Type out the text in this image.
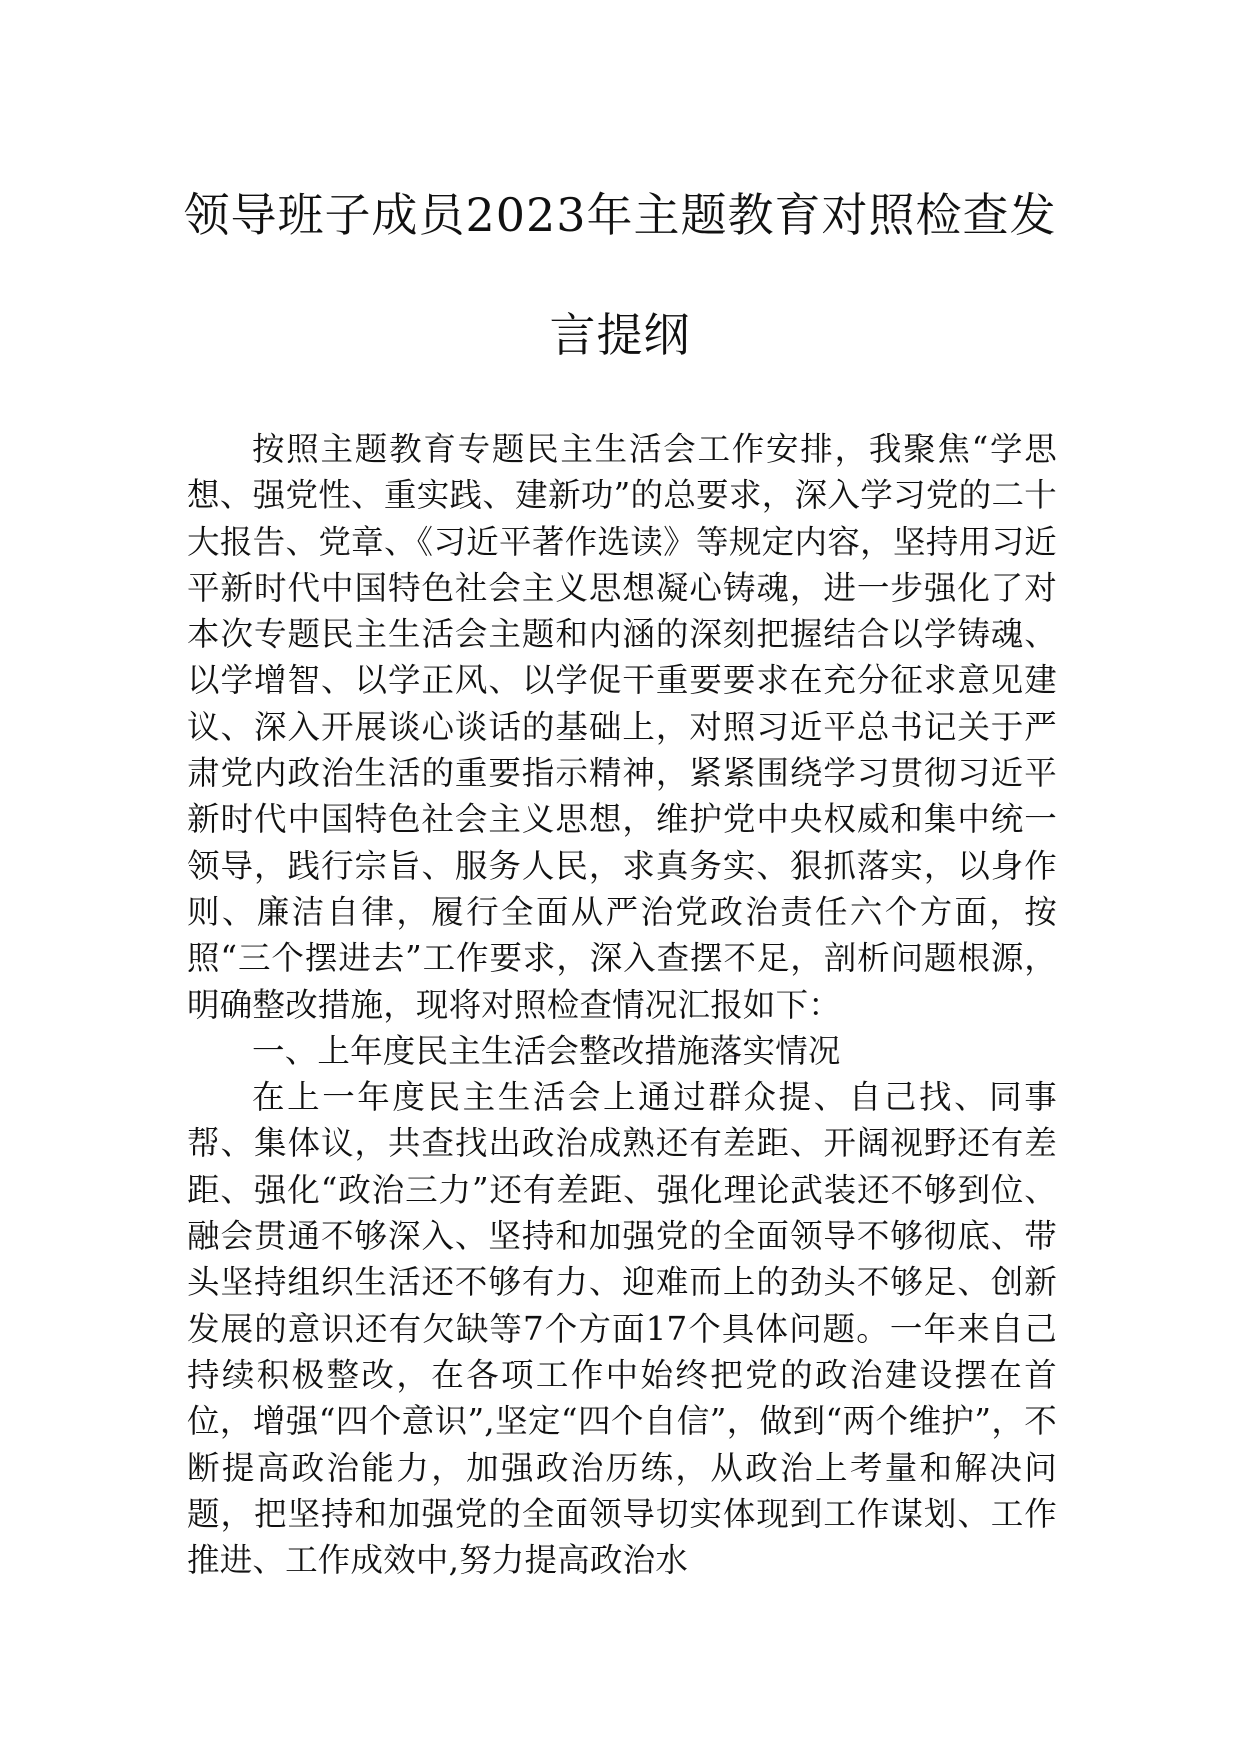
领导班子成员2023年主题教育对照检查发
言提纲

按照主题教育专题民主生活会工作安排，我聚焦“学思想、强党性、重实践、建新功”的总要求，深入学习党的二十大报告、党章、《习近平著作选读》等规定内容，坚持用习近平新时代中国特色社会主义思想凝心铸魂，进一步强化了对本次专题民主生活会主题和内涵的深刻把握结合以学铸魂、以学增智、以学正风、以学促干重要要求在充分征求意见建议、深入开展谈心谈话的基础上，对照习近平总书记关于严肃党内政治生活的重要指示精神，紧紧围绕学习贯彻习近平新时代中国特色社会主义思想，维护党中央权威和集中统一领导，践行宗旨、服务人民，求真务实、狠抓落实，以身作则、廉洁自律，履行全面从严治党政治责任六个方面，按照“三个摆进去”工作要求，深入查摆不足，剖析问题根源，明确整改措施，现将对照检查情况汇报如下：

一、上年度民主生活会整改措施落实情况

在上一年度民主生活会上通过群众提、自己找、同事帮、集体议，共查找出政治成熟还有差距、开阔视野还有差距、强化“政治三力”还有差距、强化理论武装还不够到位、融会贯通不够深入、坚持和加强党的全面领导不够彻底、带头坚持组织生活还不够有力、迎难而上的劲头不够足、创新发展的意识还有欠缺等7个方面17个具体问题。一年来自己持续积极整改，在各项工作中始终把党的政治建设摆在首位，增强“四个意识”,坚定“四个自信”，做到“两个维护”，不断提高政治能力，加强政治历练，从政治上考量和解决问题，把坚持和加强党的全面领导切实体现到工作谋划、工作推进、工作成效中,努力提高政治水
